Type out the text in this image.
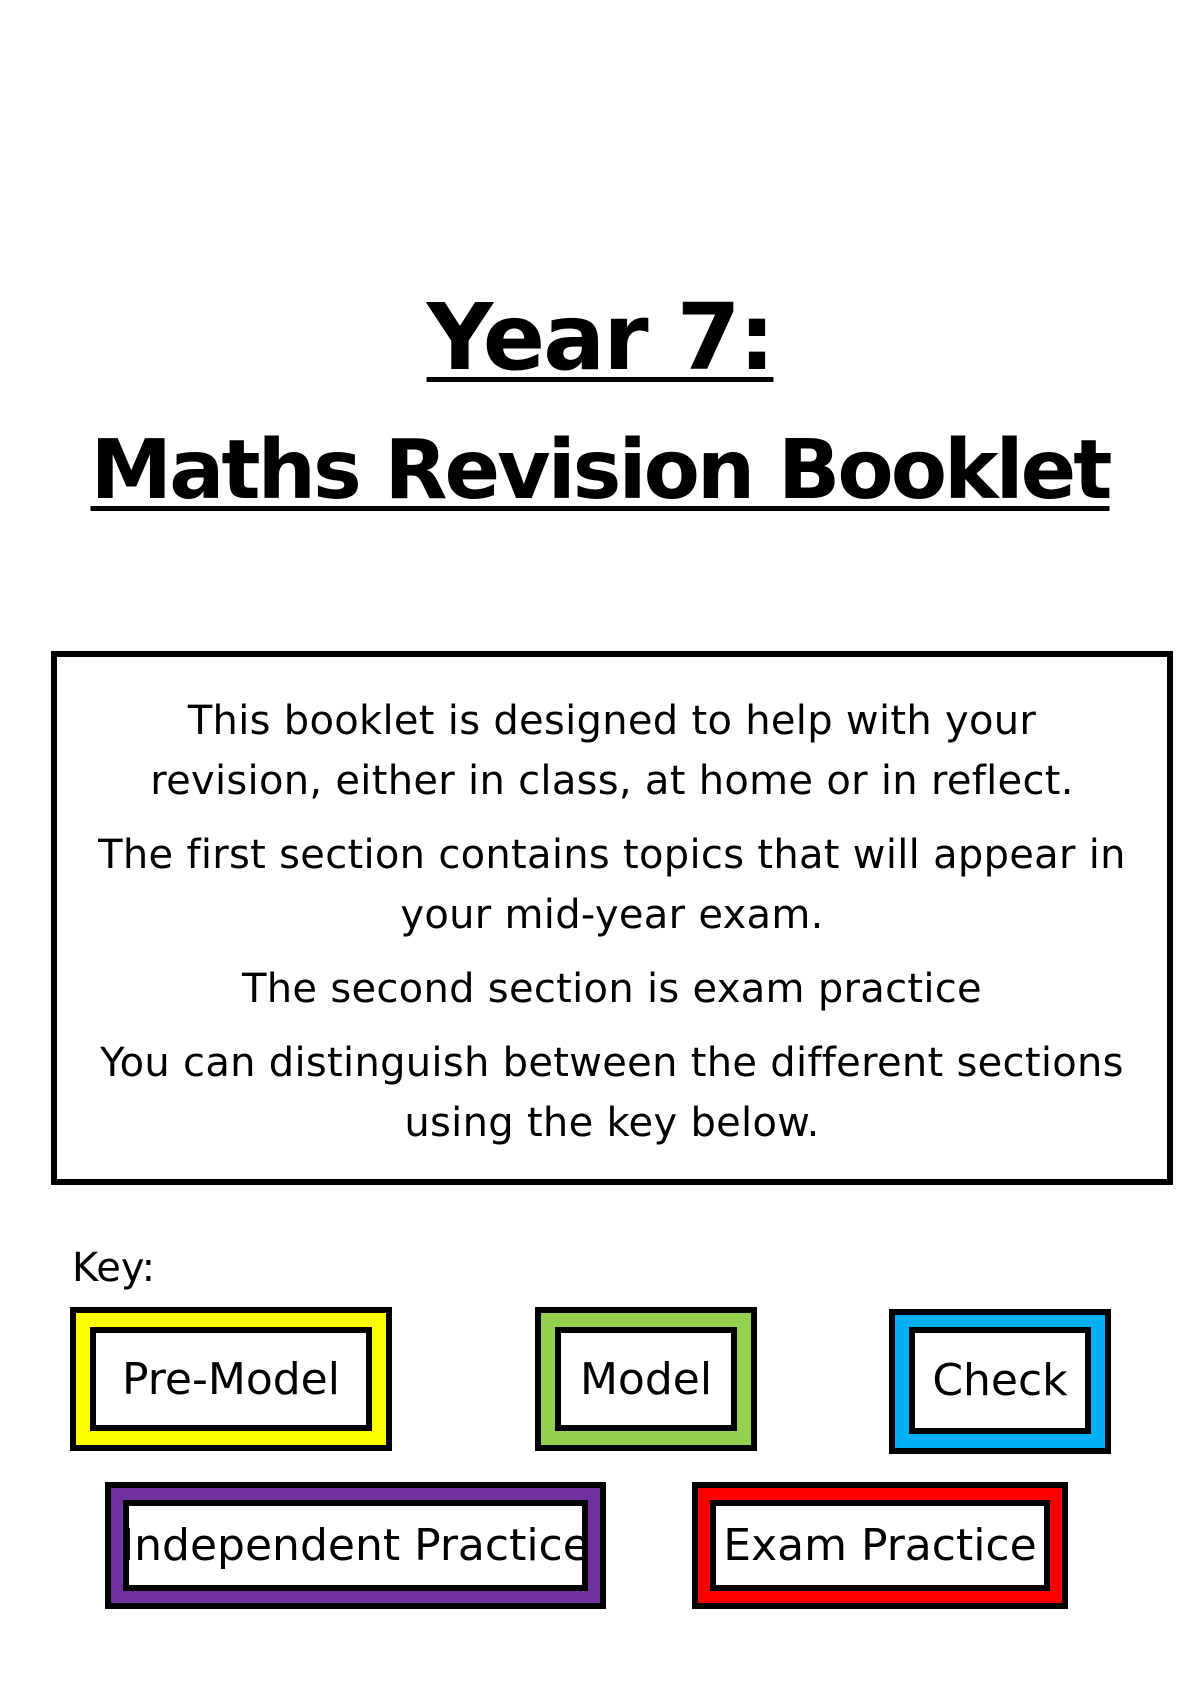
Year 7:
Maths Revision Booklet

This booklet is designed to help with your revision, either in class, at home or in reflect.

The first section contains topics that will appear in your mid-year exam.

The second section is exam practice

You can distinguish between the different sections using the key below.

Key:
Pre-Model	Model	Check
Independent Practice	Exam Practice
